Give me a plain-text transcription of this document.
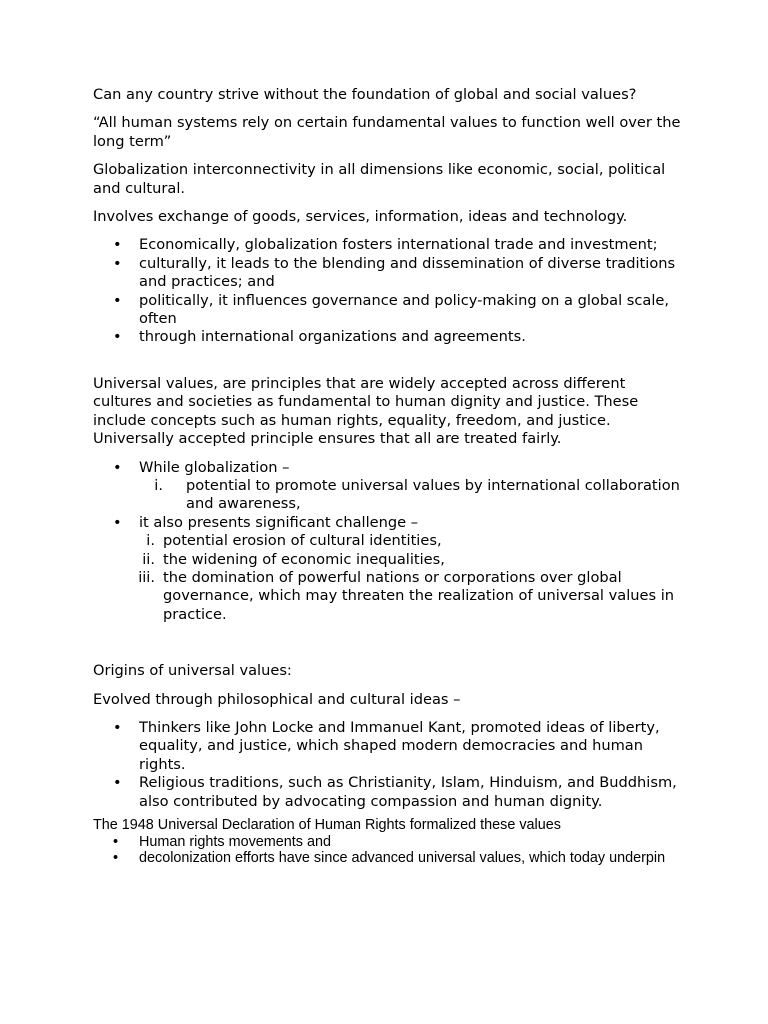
Can any country strive without the foundation of global and social values?

“All human systems rely on certain fundamental values to function well over the long term”

Globalization interconnectivity in all dimensions like economic, social, political and cultural.

Involves exchange of goods, services, information, ideas and technology.

• Economically, globalization fosters international trade and investment;
• culturally, it leads to the blending and dissemination of diverse traditions and practices; and
• politically, it influences governance and policy-making on a global scale, often
• through international organizations and agreements.

Universal values, are principles that are widely accepted across different cultures and societies as fundamental to human dignity and justice. These include concepts such as human rights, equality, freedom, and justice. Universally accepted principle ensures that all are treated fairly.

• While globalization –
i. potential to promote universal values by international collaboration and awareness,
• it also presents significant challenge –
i. potential erosion of cultural identities,
ii. the widening of economic inequalities,
iii. the domination of powerful nations or corporations over global governance, which may threaten the realization of universal values in practice.

Origins of universal values:

Evolved through philosophical and cultural ideas –

• Thinkers like John Locke and Immanuel Kant, promoted ideas of liberty, equality, and justice, which shaped modern democracies and human rights.
• Religious traditions, such as Christianity, Islam, Hinduism, and Buddhism, also contributed by advocating compassion and human dignity.

The 1948 Universal Declaration of Human Rights formalized these values

• Human rights movements and
• decolonization efforts have since advanced universal values, which today underpin
